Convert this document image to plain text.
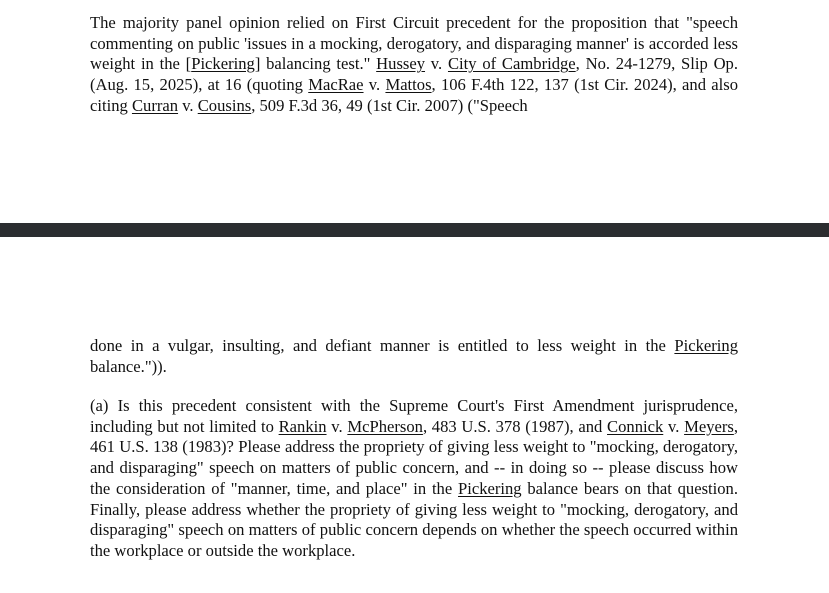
The majority panel opinion relied on First Circuit precedent for the proposition that "speech commenting on public 'issues in a mocking, derogatory, and disparaging manner' is accorded less weight in the [Pickering] balancing test." Hussey v. City of Cambridge, No. 24-1279, Slip Op. (Aug. 15, 2025), at 16 (quoting MacRae v. Mattos, 106 F.4th 122, 137 (1st Cir. 2024), and also citing Curran v. Cousins, 509 F.3d 36, 49 (1st Cir. 2007) ("Speech

done in a vulgar, insulting, and defiant manner is entitled to less weight in the Pickering balance.")).

(a) Is this precedent consistent with the Supreme Court's First Amendment jurisprudence, including but not limited to Rankin v. McPherson, 483 U.S. 378 (1987), and Connick v. Meyers, 461 U.S. 138 (1983)? Please address the propriety of giving less weight to "mocking, derogatory, and disparaging" speech on matters of public concern, and -- in doing so -- please discuss how the consideration of "manner, time, and place" in the Pickering balance bears on that question. Finally, please address whether the propriety of giving less weight to "mocking, derogatory, and disparaging" speech on matters of public concern depends on whether the speech occurred within the workplace or outside the workplace.
